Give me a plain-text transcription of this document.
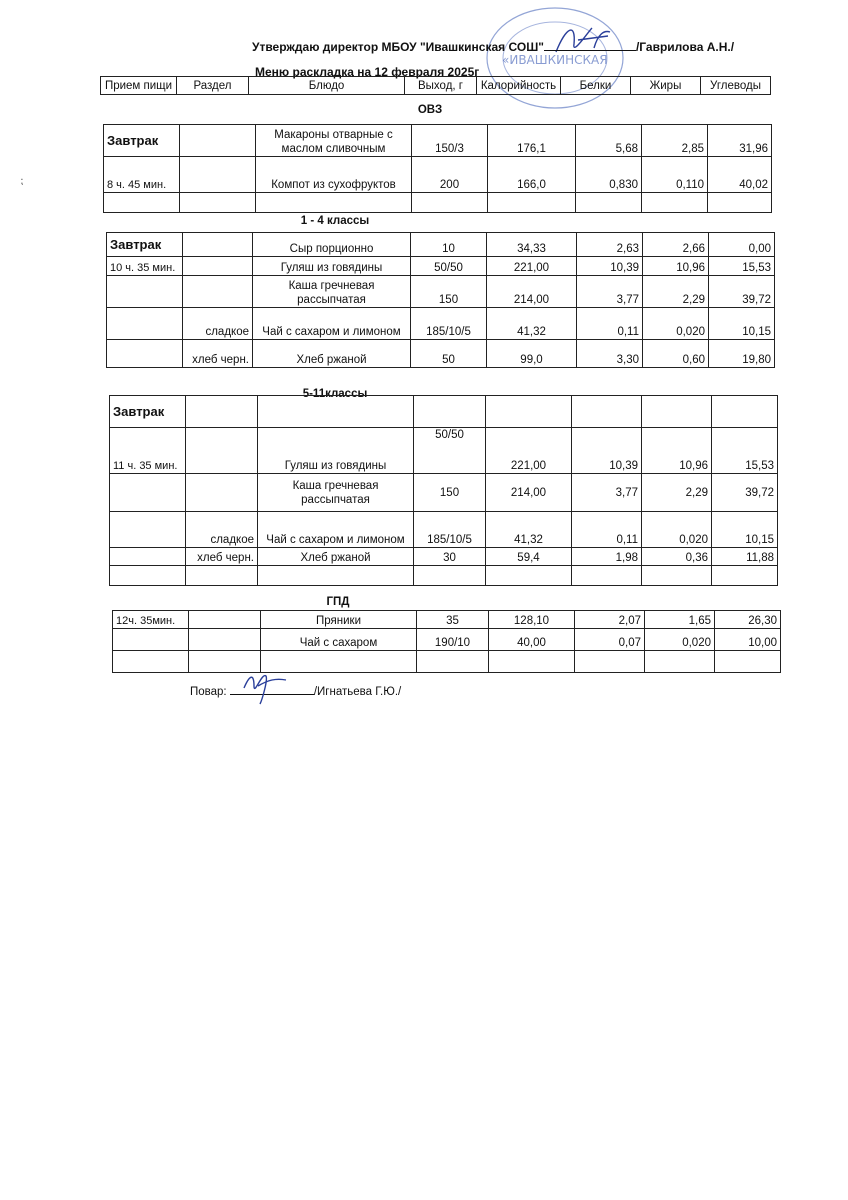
«ИВАШКИНСКАЯ
Утверждаю директор МБОУ "Ивашкинская СОШ"	/Гаврилова А.Н./
Меню раскладка на 12 февраля 2025г
⁏
Прием пищи	Раздел	Блюдо	Выход, г	Калорийность	Белки	Жиры	Углеводы
ОВЗ
Завтрак		Макароны отварные с маслом сливочным	150/3	176,1	5,68	2,85	31,96
8 ч. 45 мин.		Компот из сухофруктов	200	166,0	0,830	0,110	40,02

1 - 4 классы
Завтрак		Сыр порционно	10	34,33	2,63	2,66	0,00
10 ч. 35 мин.		Гуляш из говядины	50/50	221,00	10,39	10,96	15,53
		Каша гречневая рассыпчатая	150	214,00	3,77	2,29	39,72
	сладкое	Чай с сахаром и лимоном	185/10/5	41,32	0,11	0,020	10,15
	хлеб черн.	Хлеб ржаной	50	99,0	3,30	0,60	19,80
5-11классы
Завтрак							
11 ч. 35 мин.		Гуляш из говядины	50/50	221,00	10,39	10,96	15,53
		Каша гречневая рассыпчатая	150	214,00	3,77	2,29	39,72
	сладкое	Чай с сахаром и лимоном	185/10/5	41,32	0,11	0,020	10,15
	хлеб черн.	Хлеб ржаной	30	59,4	1,98	0,36	11,88

ГПД
12ч. 35мин.		Пряники	35	128,10	2,07	1,65	26,30
		Чай с сахаром	190/10	40,00	0,07	0,020	10,00

Повар:	/Игнатьева Г.Ю./
